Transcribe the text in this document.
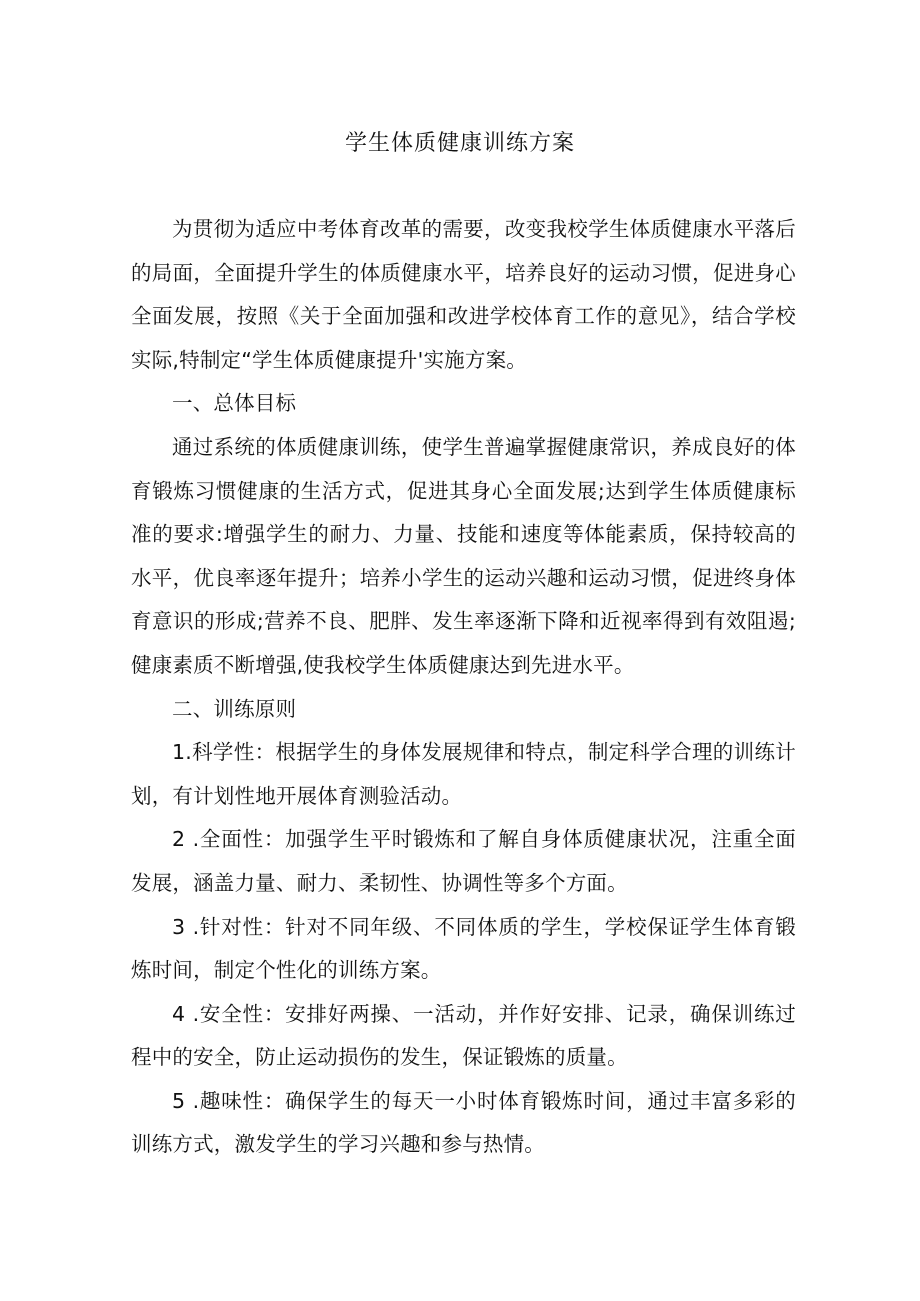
学生体质健康训练方案

为贯彻为适应中考体育改革的需要，改变我校学生体质健康水平落后的局面，全面提升学生的体质健康水平，培养良好的运动习惯，促进身心全面发展，按照《关于全面加强和改进学校体育工作的意见》，结合学校实际,特制定“学生体质健康提升'实施方案。

一、总体目标

通过系统的体质健康训练，使学生普遍掌握健康常识，养成良好的体育锻炼习惯健康的生活方式，促进其身心全面发展;达到学生体质健康标准的要求:增强学生的耐力、力量、技能和速度等体能素质，保持较高的水平，优良率逐年提升；培养小学生的运动兴趣和运动习惯，促进终身体育意识的形成;营养不良、肥胖、发生率逐渐下降和近视率得到有效阻遏;健康素质不断增强,使我校学生体质健康达到先进水平。

二、训练原则

1.科学性：根据学生的身体发展规律和特点，制定科学合理的训练计划，有计划性地开展体育测验活动。

2 .全面性：加强学生平时锻炼和了解自身体质健康状况，注重全面发展，涵盖力量、耐力、柔韧性、协调性等多个方面。

3 .针对性：针对不同年级、不同体质的学生，学校保证学生体育锻炼时间，制定个性化的训练方案。

4 .安全性：安排好两操、一活动，并作好安排、记录，确保训练过程中的安全，防止运动损伤的发生，保证锻炼的质量。

5 .趣味性：确保学生的每天一小时体育锻炼时间，通过丰富多彩的训练方式，激发学生的学习兴趣和参与热情。
